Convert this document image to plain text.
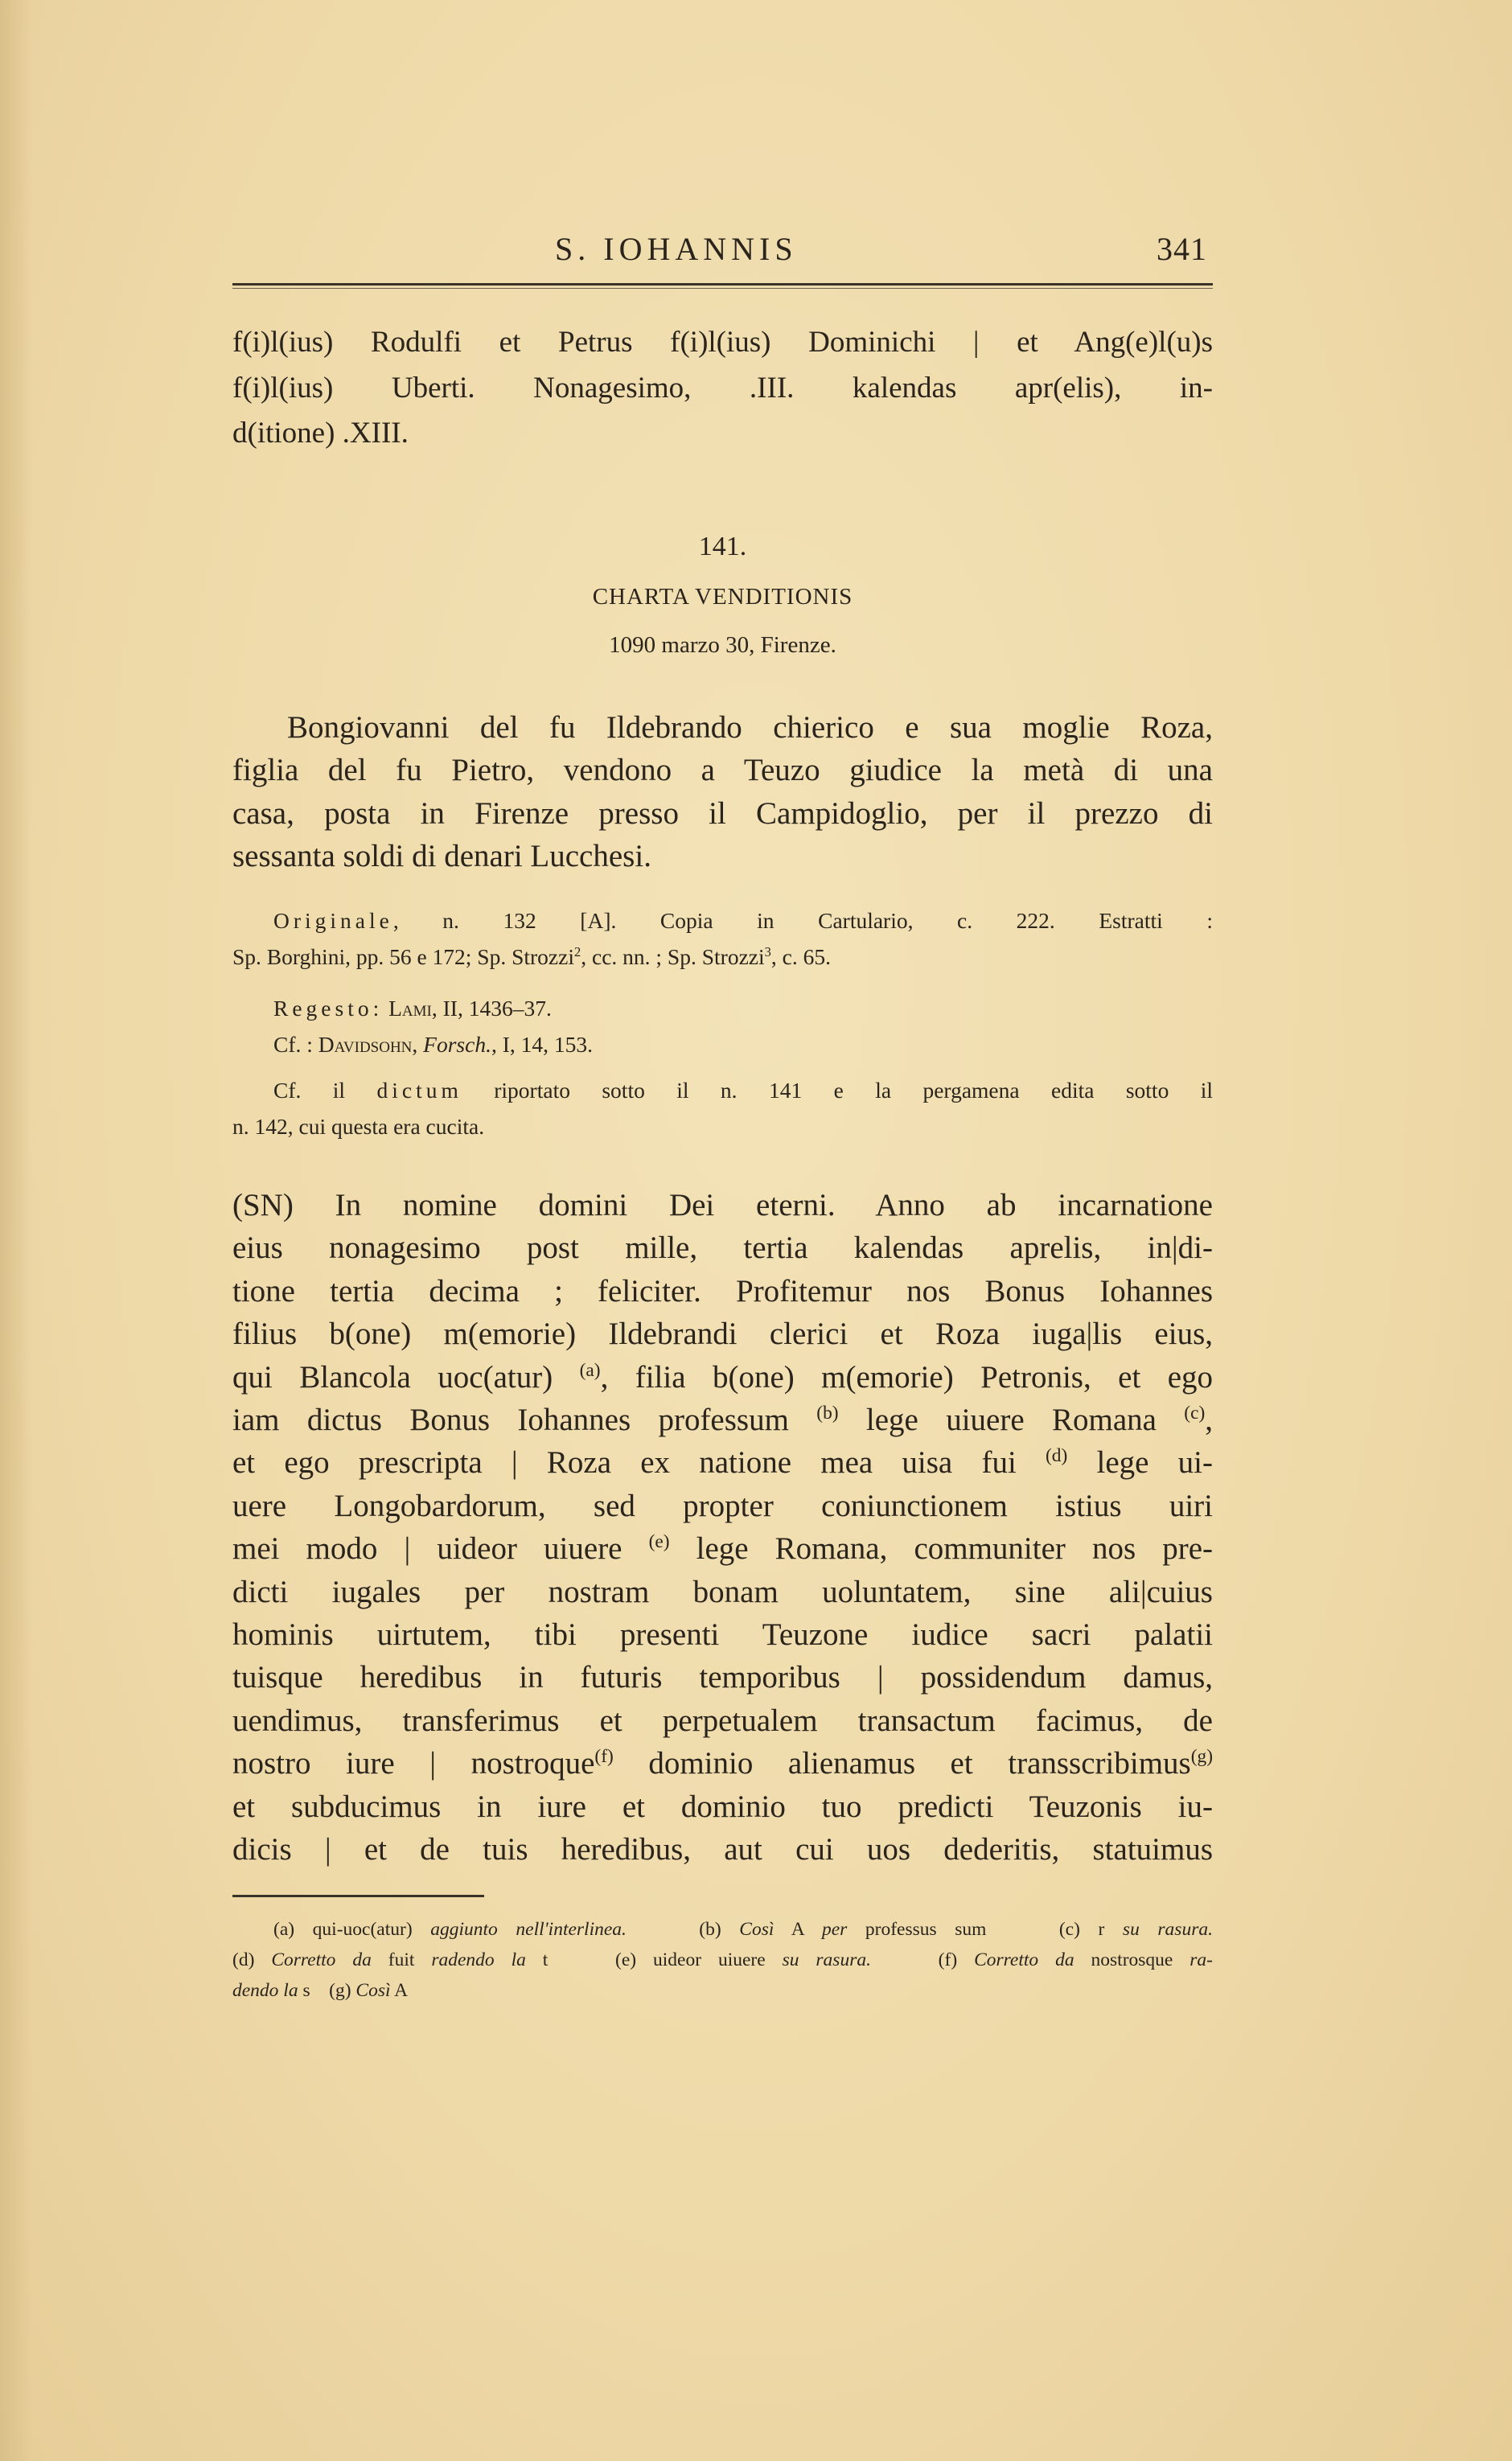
S. IOHANNIS	341
f(i)l(ius) Rodulfi et Petrus f(i)l(ius) Dominichi | et Ang(e)l(u)s
f(i)l(ius) Uberti. Nonagesimo, .III. kalendas apr(elis), in-
d(itione) .XIII.
141.
CHARTA VENDITIONIS
1090 marzo 30, Firenze.
Bongiovanni del fu Ildebrando chierico e sua moglie Roza,
figlia del fu Pietro, vendono a Teuzo giudice la metà di una
casa, posta in Firenze presso il Campidoglio, per il prezzo di
sessanta soldi di denari Lucchesi.
Originale, n. 132 [A]. Copia in Cartulario, c. 222. Estratti :
Sp. Borghini, pp. 56 e 172; Sp. Strozzi$^2$, cc. nn. ; Sp. Strozzi$^3$, c. 65.
Regesto: Lami, II, 1436–37.
Cf. : Davidsohn, Forsch., I, 14, 153.
Cf. il dictum riportato sotto il n. 141 e la pergamena edita sotto il
n. 142, cui questa era cucita.
(SN) In nomine domini Dei eterni. Anno ab incarnatione
eius nonagesimo post mille, tertia kalendas aprelis, in|di-
tione tertia decima ; feliciter. Profitemur nos Bonus Iohannes
filius b(one) m(emorie) Ildebrandi clerici et Roza iuga|lis eius,
qui Blancola uoc(atur) $^{(a)}$, filia b(one) m(emorie) Petronis, et ego
iam dictus Bonus Iohannes professum $^{(b)}$ lege uiuere Romana $^{(c)}$,
et ego prescripta | Roza ex natione mea uisa fui $^{(d)}$ lege ui-
uere Longobardorum, sed propter coniunctionem istius uiri
mei modo | uideor uiuere $^{(e)}$ lege Romana, communiter nos pre-
dicti iugales per nostram bonam uoluntatem, sine ali|cuius
hominis uirtutem, tibi presenti Teuzone iudice sacri palatii
tuisque heredibus in futuris temporibus | possidendum damus,
uendimus, transferimus et perpetualem transactum facimus, de
nostro iure | nostroque$^{(f)}$ dominio alienamus et transscribimus$^{(g)}$
et subducimus in iure et dominio tuo predicti Teuzonis iu-
dicis | et de tuis heredibus, aut cui uos dederitis, statuimus
(a) qui-uoc(atur) aggiunto nell'interlinea.    (b) Così A per professus sum    (c) r su rasura.
(d) Corretto da fuit radendo la t    (e) uideor uiuere su rasura.    (f) Corretto da nostrosque ra-
dendo la s    (g) Così A
